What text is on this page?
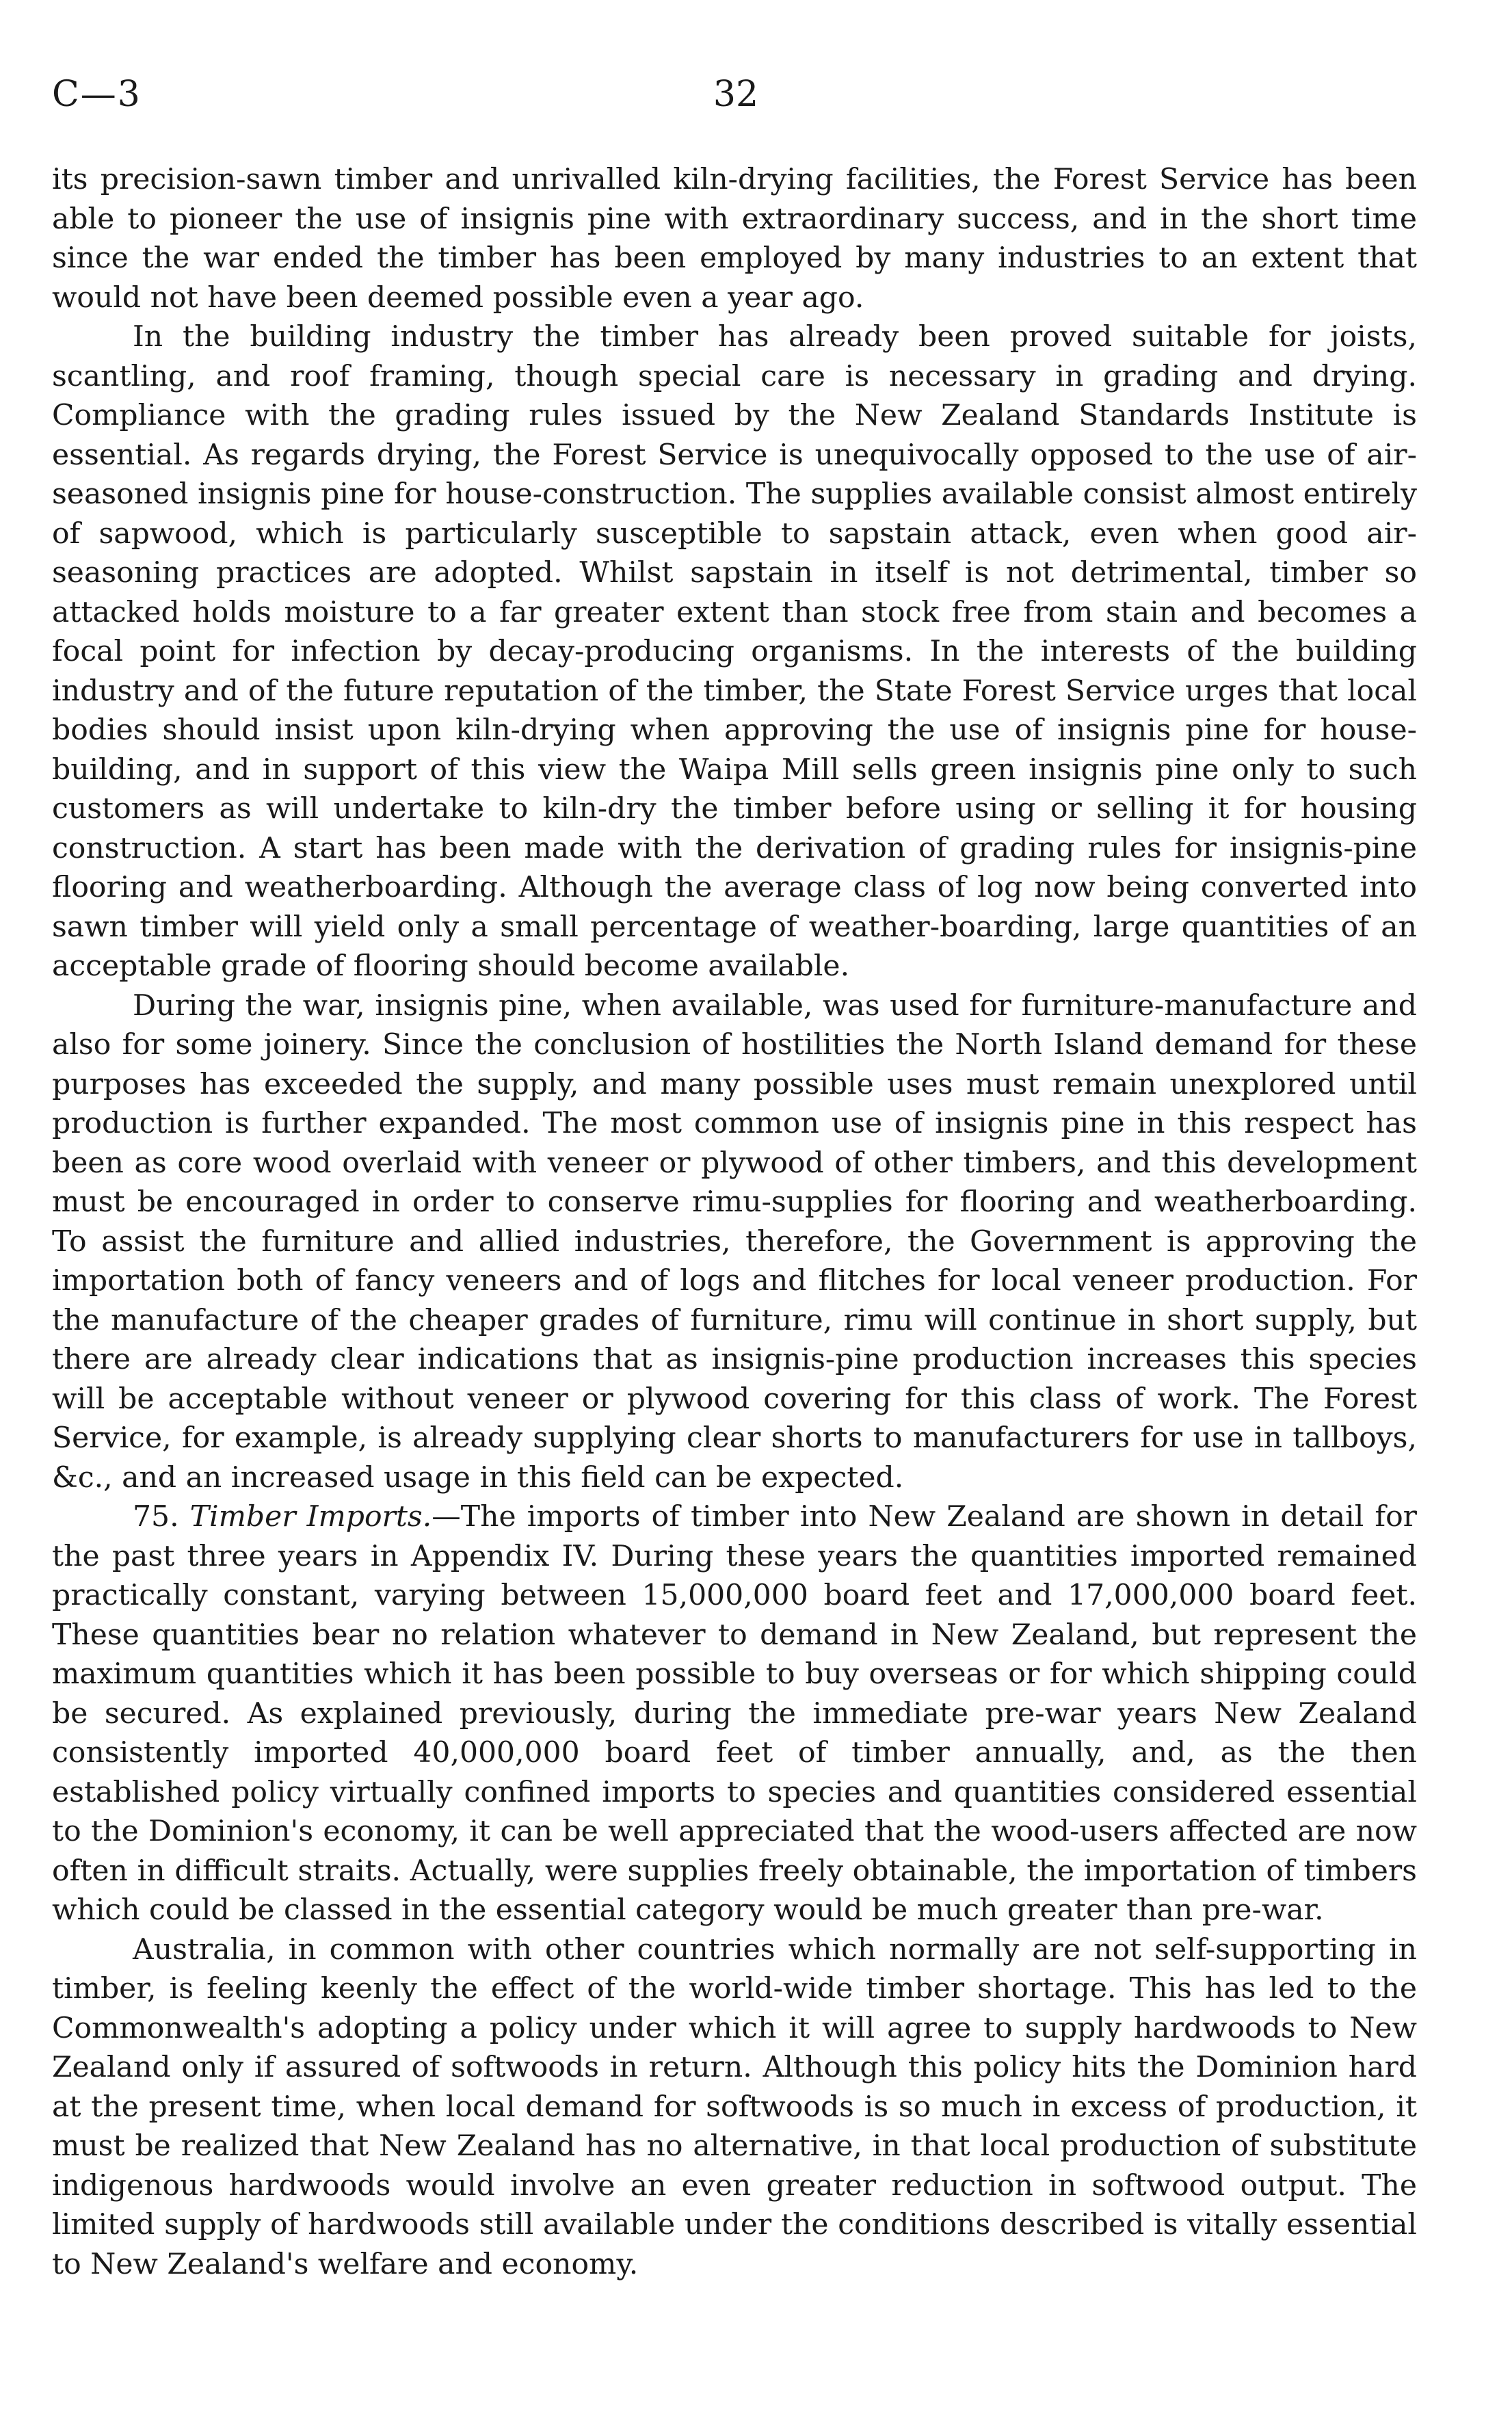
C—3	32

its precision-sawn timber and unrivalled kiln-drying facilities, the Forest Service has been able to pioneer the use of insignis pine with extraordinary success, and in the short time since the war ended the timber has been employed by many industries to an extent that would not have been deemed possible even a year ago.

In the building industry the timber has already been proved suitable for joists, scantling, and roof framing, though special care is necessary in grading and drying. Compliance with the grading rules issued by the New Zealand Standards Institute is essential. As regards drying, the Forest Service is unequivocally opposed to the use of air-seasoned insignis pine for house-construction. The supplies available consist almost entirely of sapwood, which is particularly susceptible to sapstain attack, even when good air-seasoning practices are adopted. Whilst sapstain in itself is not detrimental, timber so attacked holds moisture to a far greater extent than stock free from stain and becomes a focal point for infection by decay-producing organisms. In the interests of the building industry and of the future reputation of the timber, the State Forest Service urges that local bodies should insist upon kiln-drying when approving the use of insignis pine for house-building, and in support of this view the Waipa Mill sells green insignis pine only to such customers as will undertake to kiln-dry the timber before using or selling it for housing construction. A start has been made with the derivation of grading rules for insignis-pine flooring and weatherboarding. Although the average class of log now being converted into sawn timber will yield only a small percentage of weather-boarding, large quantities of an acceptable grade of flooring should become available.

During the war, insignis pine, when available, was used for furniture-manufacture and also for some joinery. Since the conclusion of hostilities the North Island demand for these purposes has exceeded the supply, and many possible uses must remain unexplored until production is further expanded. The most common use of insignis pine in this respect has been as core wood overlaid with veneer or plywood of other timbers, and this development must be encouraged in order to conserve rimu-supplies for flooring and weatherboarding. To assist the furniture and allied industries, therefore, the Government is approving the importation both of fancy veneers and of logs and flitches for local veneer production. For the manufacture of the cheaper grades of furniture, rimu will continue in short supply, but there are already clear indications that as insignis-pine production increases this species will be acceptable without veneer or plywood covering for this class of work. The Forest Service, for example, is already supplying clear shorts to manufacturers for use in tallboys, &c., and an increased usage in this field can be expected.

75. Timber Imports.—The imports of timber into New Zealand are shown in detail for the past three years in Appendix IV. During these years the quantities imported remained practically constant, varying between 15,000,000 board feet and 17,000,000 board feet. These quantities bear no relation whatever to demand in New Zealand, but represent the maximum quantities which it has been possible to buy overseas or for which shipping could be secured. As explained previously, during the immediate pre-war years New Zealand consistently imported 40,000,000 board feet of timber annually, and, as the then established policy virtually confined imports to species and quantities considered essential to the Dominion's economy, it can be well appreciated that the wood-users affected are now often in difficult straits. Actually, were supplies freely obtainable, the importation of timbers which could be classed in the essential category would be much greater than pre-war.

Australia, in common with other countries which normally are not self-supporting in timber, is feeling keenly the effect of the world-wide timber shortage. This has led to the Commonwealth's adopting a policy under which it will agree to supply hardwoods to New Zealand only if assured of softwoods in return. Although this policy hits the Dominion hard at the present time, when local demand for softwoods is so much in excess of production, it must be realized that New Zealand has no alternative, in that local production of substitute indigenous hardwoods would involve an even greater reduction in softwood output. The limited supply of hardwoods still available under the conditions described is vitally essential to New Zealand's welfare and economy.
